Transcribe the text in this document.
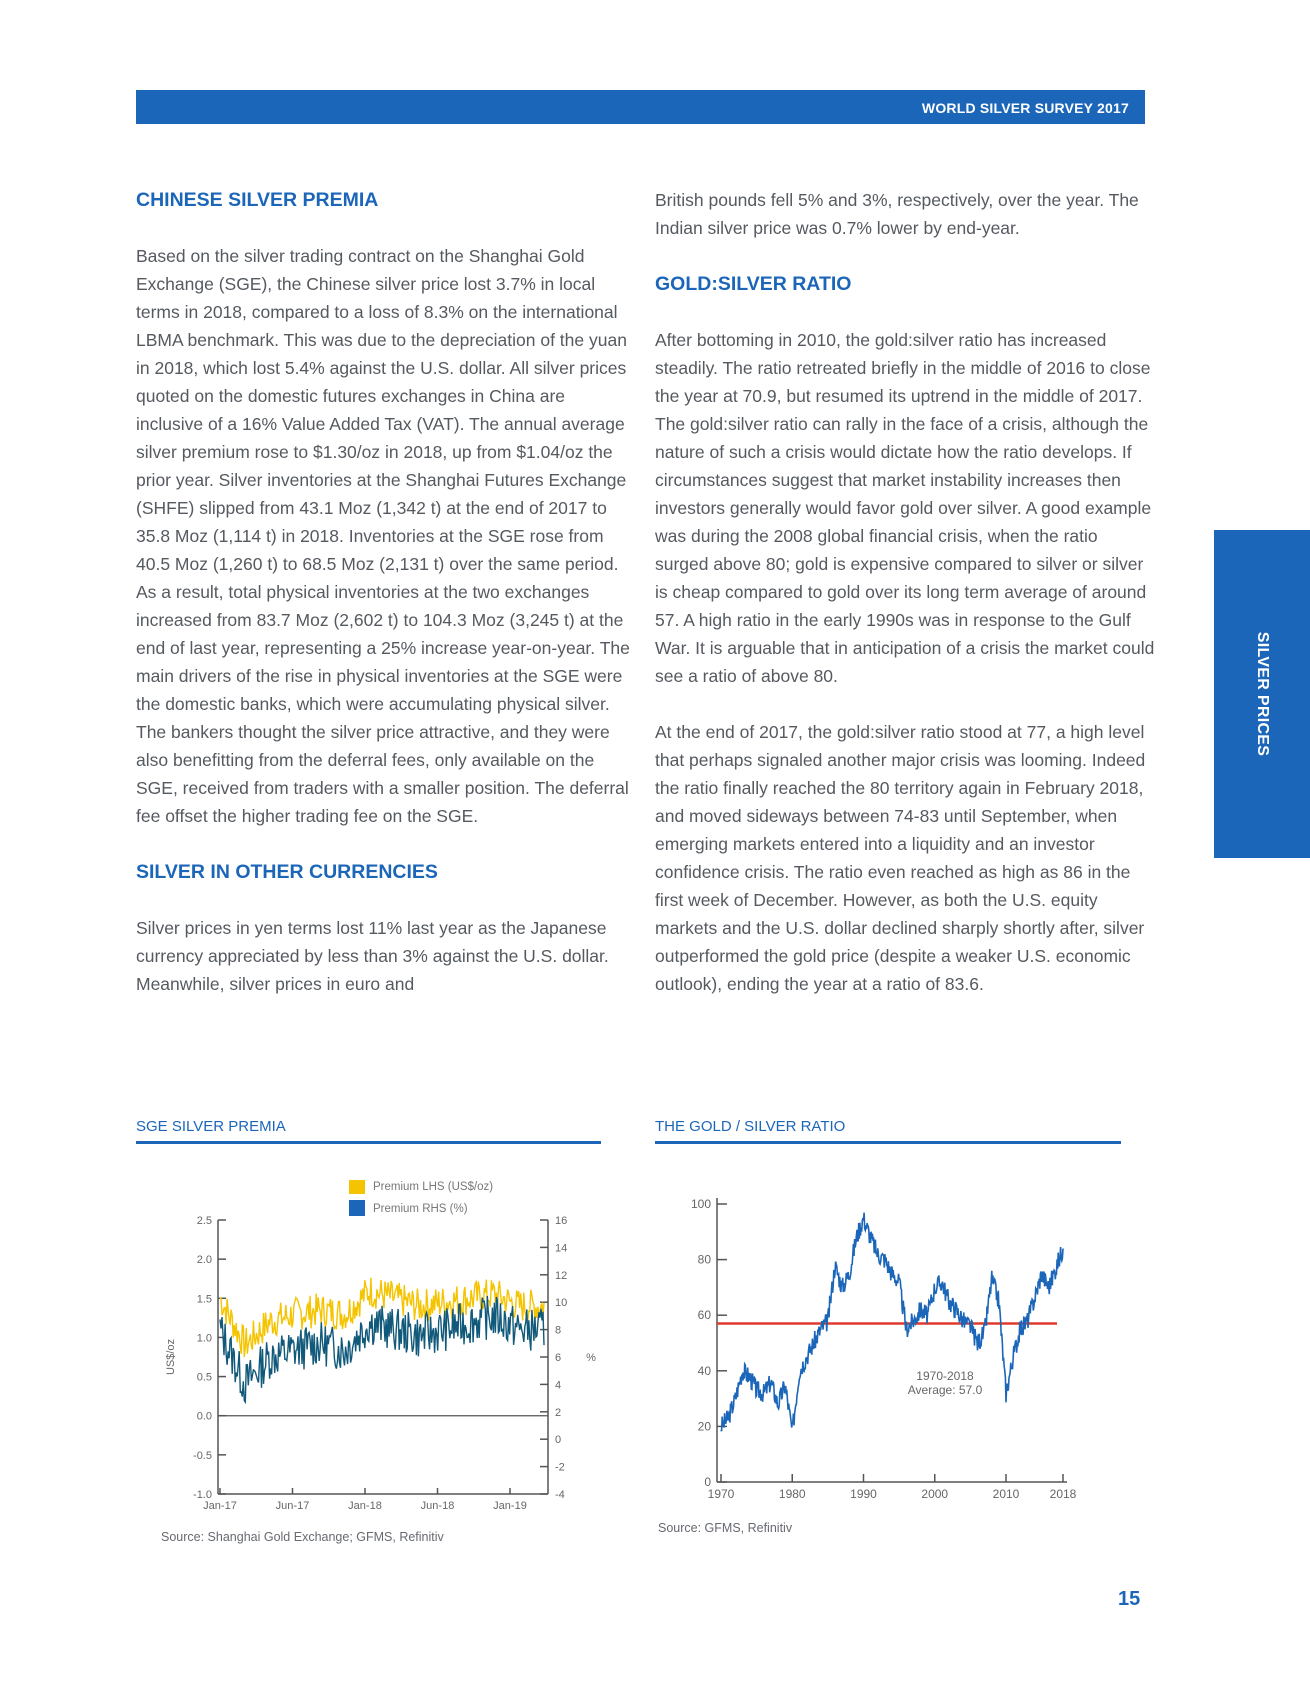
WORLD SILVER SURVEY 2017
SILVER PRICES
CHINESE SILVER PREMIA

Based on the silver trading contract on the Shanghai Gold Exchange (SGE), the Chinese silver price lost 3.7% in local terms in 2018, compared to a loss of 8.3% on the international LBMA benchmark. This was due to the depreciation of the yuan in 2018, which lost 5.4% against the U.S. dollar. All silver prices quoted on the domestic futures exchanges in China are inclusive of a 16% Value Added Tax (VAT). The annual average silver premium rose to $1.30/oz in 2018, up from $1.04/oz the prior year. Silver inventories at the Shanghai Futures Exchange (SHFE) slipped from 43.1 Moz (1,342 t) at the end of 2017 to 35.8 Moz (1,114 t) in 2018. Inventories at the SGE rose from 40.5 Moz (1,260 t) to 68.5 Moz (2,131 t) over the same period. As a result, total physical inventories at the two exchanges increased from 83.7 Moz (2,602 t) to 104.3 Moz (3,245 t) at the end of last year, representing a 25% increase year-on-year. The main drivers of the rise in physical inventories at the SGE were the domestic banks, which were accumulating physical silver. The bankers thought the silver price attractive, and they were also benefitting from the deferral fees, only available on the SGE, received from traders with a smaller position. The deferral fee offset the higher trading fee on the SGE.

SILVER IN OTHER CURRENCIES

Silver prices in yen terms lost 11% last year as the Japanese currency appreciated by less than 3% against the U.S. dollar. Meanwhile, silver prices in euro and

British pounds fell 5% and 3%, respectively, over the year. The Indian silver price was 0.7% lower by end-year.

GOLD:SILVER RATIO

After bottoming in 2010, the gold:silver ratio has increased steadily. The ratio retreated briefly in the middle of 2016 to close the year at 70.9, but resumed its uptrend in the middle of 2017. The gold:silver ratio can rally in the face of a crisis, although the nature of such a crisis would dictate how the ratio develops. If circumstances suggest that market instability increases then investors generally would favor gold over silver. A good example was during the 2008 global financial crisis, when the ratio surged above 80; gold is expensive compared to silver or silver is cheap compared to gold over its long term average of around 57. A high ratio in the early 1990s was in response to the Gulf War. It is arguable that in anticipation of a crisis the market could see a ratio of above 80.

At the end of 2017, the gold:silver ratio stood at 77, a high level that perhaps signaled another major crisis was looming. Indeed the ratio finally reached the 80 territory again in February 2018, and moved sideways between 74-83 until September, when emerging markets entered into a liquidity and an investor confidence crisis. The ratio even reached as high as 86 in the first week of December. However, as both the U.S. equity markets and the U.S. dollar declined sharply shortly after, silver outperformed the gold price (despite a weaker U.S. economic outlook), ending the year at a ratio of 83.6.

SGE SILVER PREMIA	THE GOLD / SILVER RATIO
2.5
2.0
1.5
1.0
0.5
0.0
-0.5
-1.0
16
14
12
10
8
6
4
2
0
-2
-4
Jan-17	Jun-17	Jan-18	Jun-18	Jan-19
US$/oz	%
Premium LHS (US$/oz)
Premium RHS (%)	100
80
60
40
20
0
1970	1980	1990	2000	2010	2018
1970-2018
Average: 57.0
Source: Shanghai Gold Exchange; GFMS, Refinitiv
Source: GFMS, Refinitiv
15
